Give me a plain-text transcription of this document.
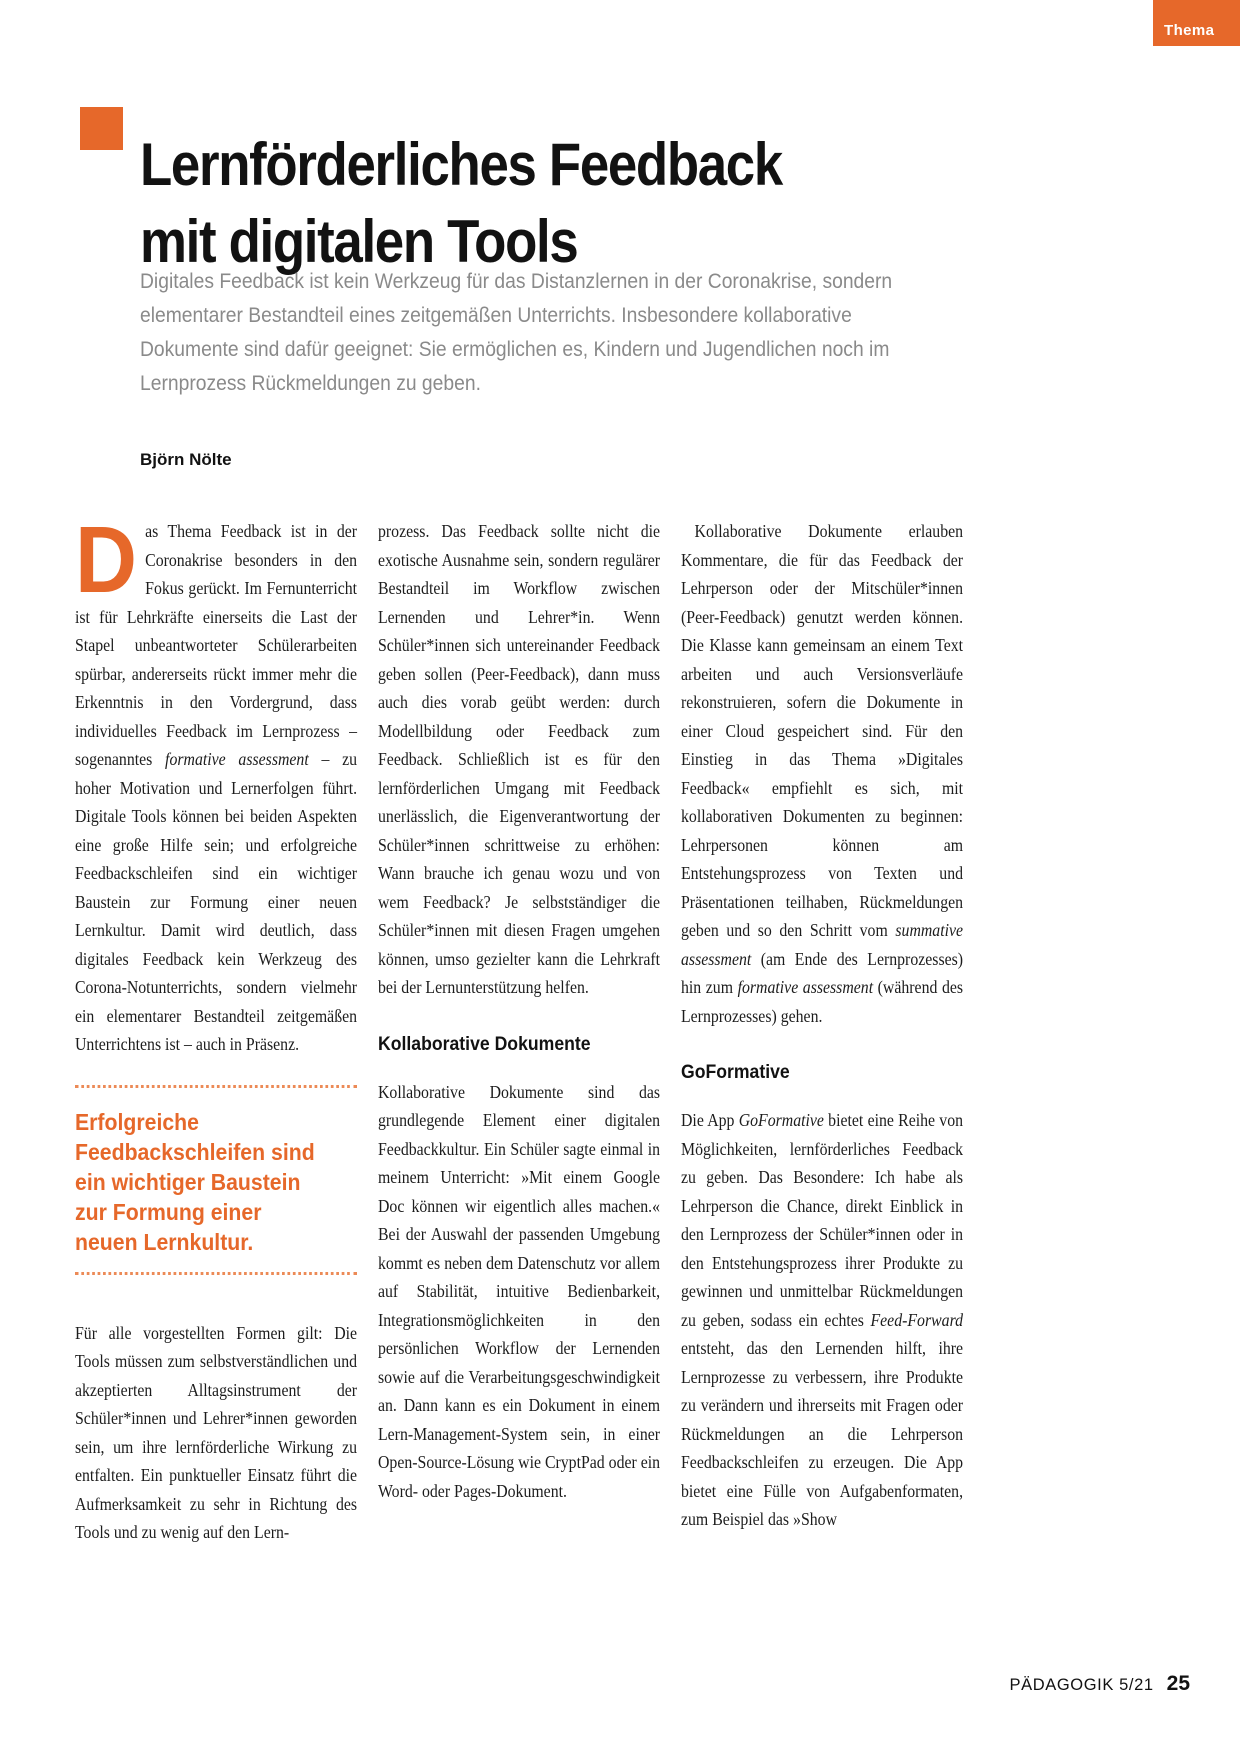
Thema
Lernförderliches Feedback
mit digitalen Tools
Digitales Feedback ist kein Werkzeug für das Distanzlernen in der Coronakrise, sondern elementarer Bestandteil eines zeitgemäßen Unterrichts. Insbesondere kollaborative Dokumente sind dafür geeignet: Sie ermöglichen es, Kindern und Jugendlichen noch im Lernprozess Rückmeldungen zu geben.
Björn Nölte

Das Thema Feedback ist in der Coronakrise besonders in den Fokus gerückt. Im Fernunterricht ist für Lehrkräfte einerseits die Last der Stapel unbeantworteter Schülerarbeiten spürbar, andererseits rückt immer mehr die Erkenntnis in den Vordergrund, dass individuelles Feedback im Lernprozess – sogenanntes formative assessment – zu hoher Motivation und Lernerfolgen führt. Digitale Tools können bei beiden Aspekten eine große Hilfe sein; und erfolgreiche Feedbackschleifen sind ein wichtiger Baustein zur Formung einer neuen Lernkultur. Damit wird deutlich, dass digitales Feedback kein Werkzeug des Corona-Notunterrichts, sondern vielmehr ein elementarer Bestandteil zeitgemäßen Unterrichtens ist – auch in Präsenz.

Erfolgreiche
Feedbackschleifen sind
ein wichtiger Baustein
zur Formung einer
neuen Lernkultur.

Für alle vorgestellten Formen gilt: Die Tools müssen zum selbstverständlichen und akzeptierten Alltagsinstrument der Schüler*innen und Lehrer*innen geworden sein, um ihre lernförderliche Wirkung zu entfalten. Ein punktueller Einsatz führt die Aufmerksamkeit zu sehr in Richtung des Tools und zu wenig auf den Lern-

prozess. Das Feedback sollte nicht die exotische Ausnahme sein, sondern regulärer Bestandteil im Workflow zwischen Lernenden und Lehrer*in. Wenn Schüler*innen sich untereinander Feedback geben sollen (Peer-Feedback), dann muss auch dies vorab geübt werden: durch Modellbildung oder Feedback zum Feedback. Schließlich ist es für den lernförderlichen Umgang mit Feedback unerlässlich, die Eigenverantwortung der Schüler*innen schrittweise zu erhöhen: Wann brauche ich genau wozu und von wem Feedback? Je selbstständiger die Schüler*innen mit diesen Fragen umgehen können, umso gezielter kann die Lehrkraft bei der Lernunterstützung helfen.

Kollaborative Dokumente

Kollaborative Dokumente sind das grundlegende Element einer digitalen Feedbackkultur. Ein Schüler sagte einmal in meinem Unterricht: »Mit einem Google Doc können wir eigentlich alles machen.« Bei der Auswahl der passenden Umgebung kommt es neben dem Datenschutz vor allem auf Stabilität, intuitive Bedienbarkeit, Integrationsmöglichkeiten in den persönlichen Workflow der Lernenden sowie auf die Verarbeitungsgeschwindigkeit an. Dann kann es ein Dokument in einem Lern-Management-System sein, in einer Open-Source-Lösung wie CryptPad oder ein Word- oder Pages-Dokument.

Kollaborative Dokumente erlauben Kommentare, die für das Feedback der Lehrperson oder der Mitschüler*innen (Peer-Feedback) genutzt werden können. Die Klasse kann gemeinsam an einem Text arbeiten und auch Versionsverläufe rekonstruieren, sofern die Dokumente in einer Cloud gespeichert sind. Für den Einstieg in das Thema »Digitales Feedback« empfiehlt es sich, mit kollaborativen Dokumenten zu beginnen: Lehrpersonen können am Entstehungsprozess von Texten und Präsentationen teilhaben, Rückmeldungen geben und so den Schritt vom summative assessment (am Ende des Lernprozesses) hin zum formative assessment (während des Lernprozesses) gehen.

GoFormative

Die App GoFormative bietet eine Reihe von Möglichkeiten, lernförderliches Feedback zu geben. Das Besondere: Ich habe als Lehrperson die Chance, direkt Einblick in den Lernprozess der Schüler*innen oder in den Entstehungsprozess ihrer Produkte zu gewinnen und unmittelbar Rückmeldungen zu geben, sodass ein echtes Feed-Forward entsteht, das den Lernenden hilft, ihre Lernprozesse zu verbessern, ihre Produkte zu verändern und ihrerseits mit Fragen oder Rückmeldungen an die Lehrperson Feedbackschleifen zu erzeugen. Die App bietet eine Fülle von Aufgabenformaten, zum Beispiel das »Show

PÄDAGOGIK 5/21 25
